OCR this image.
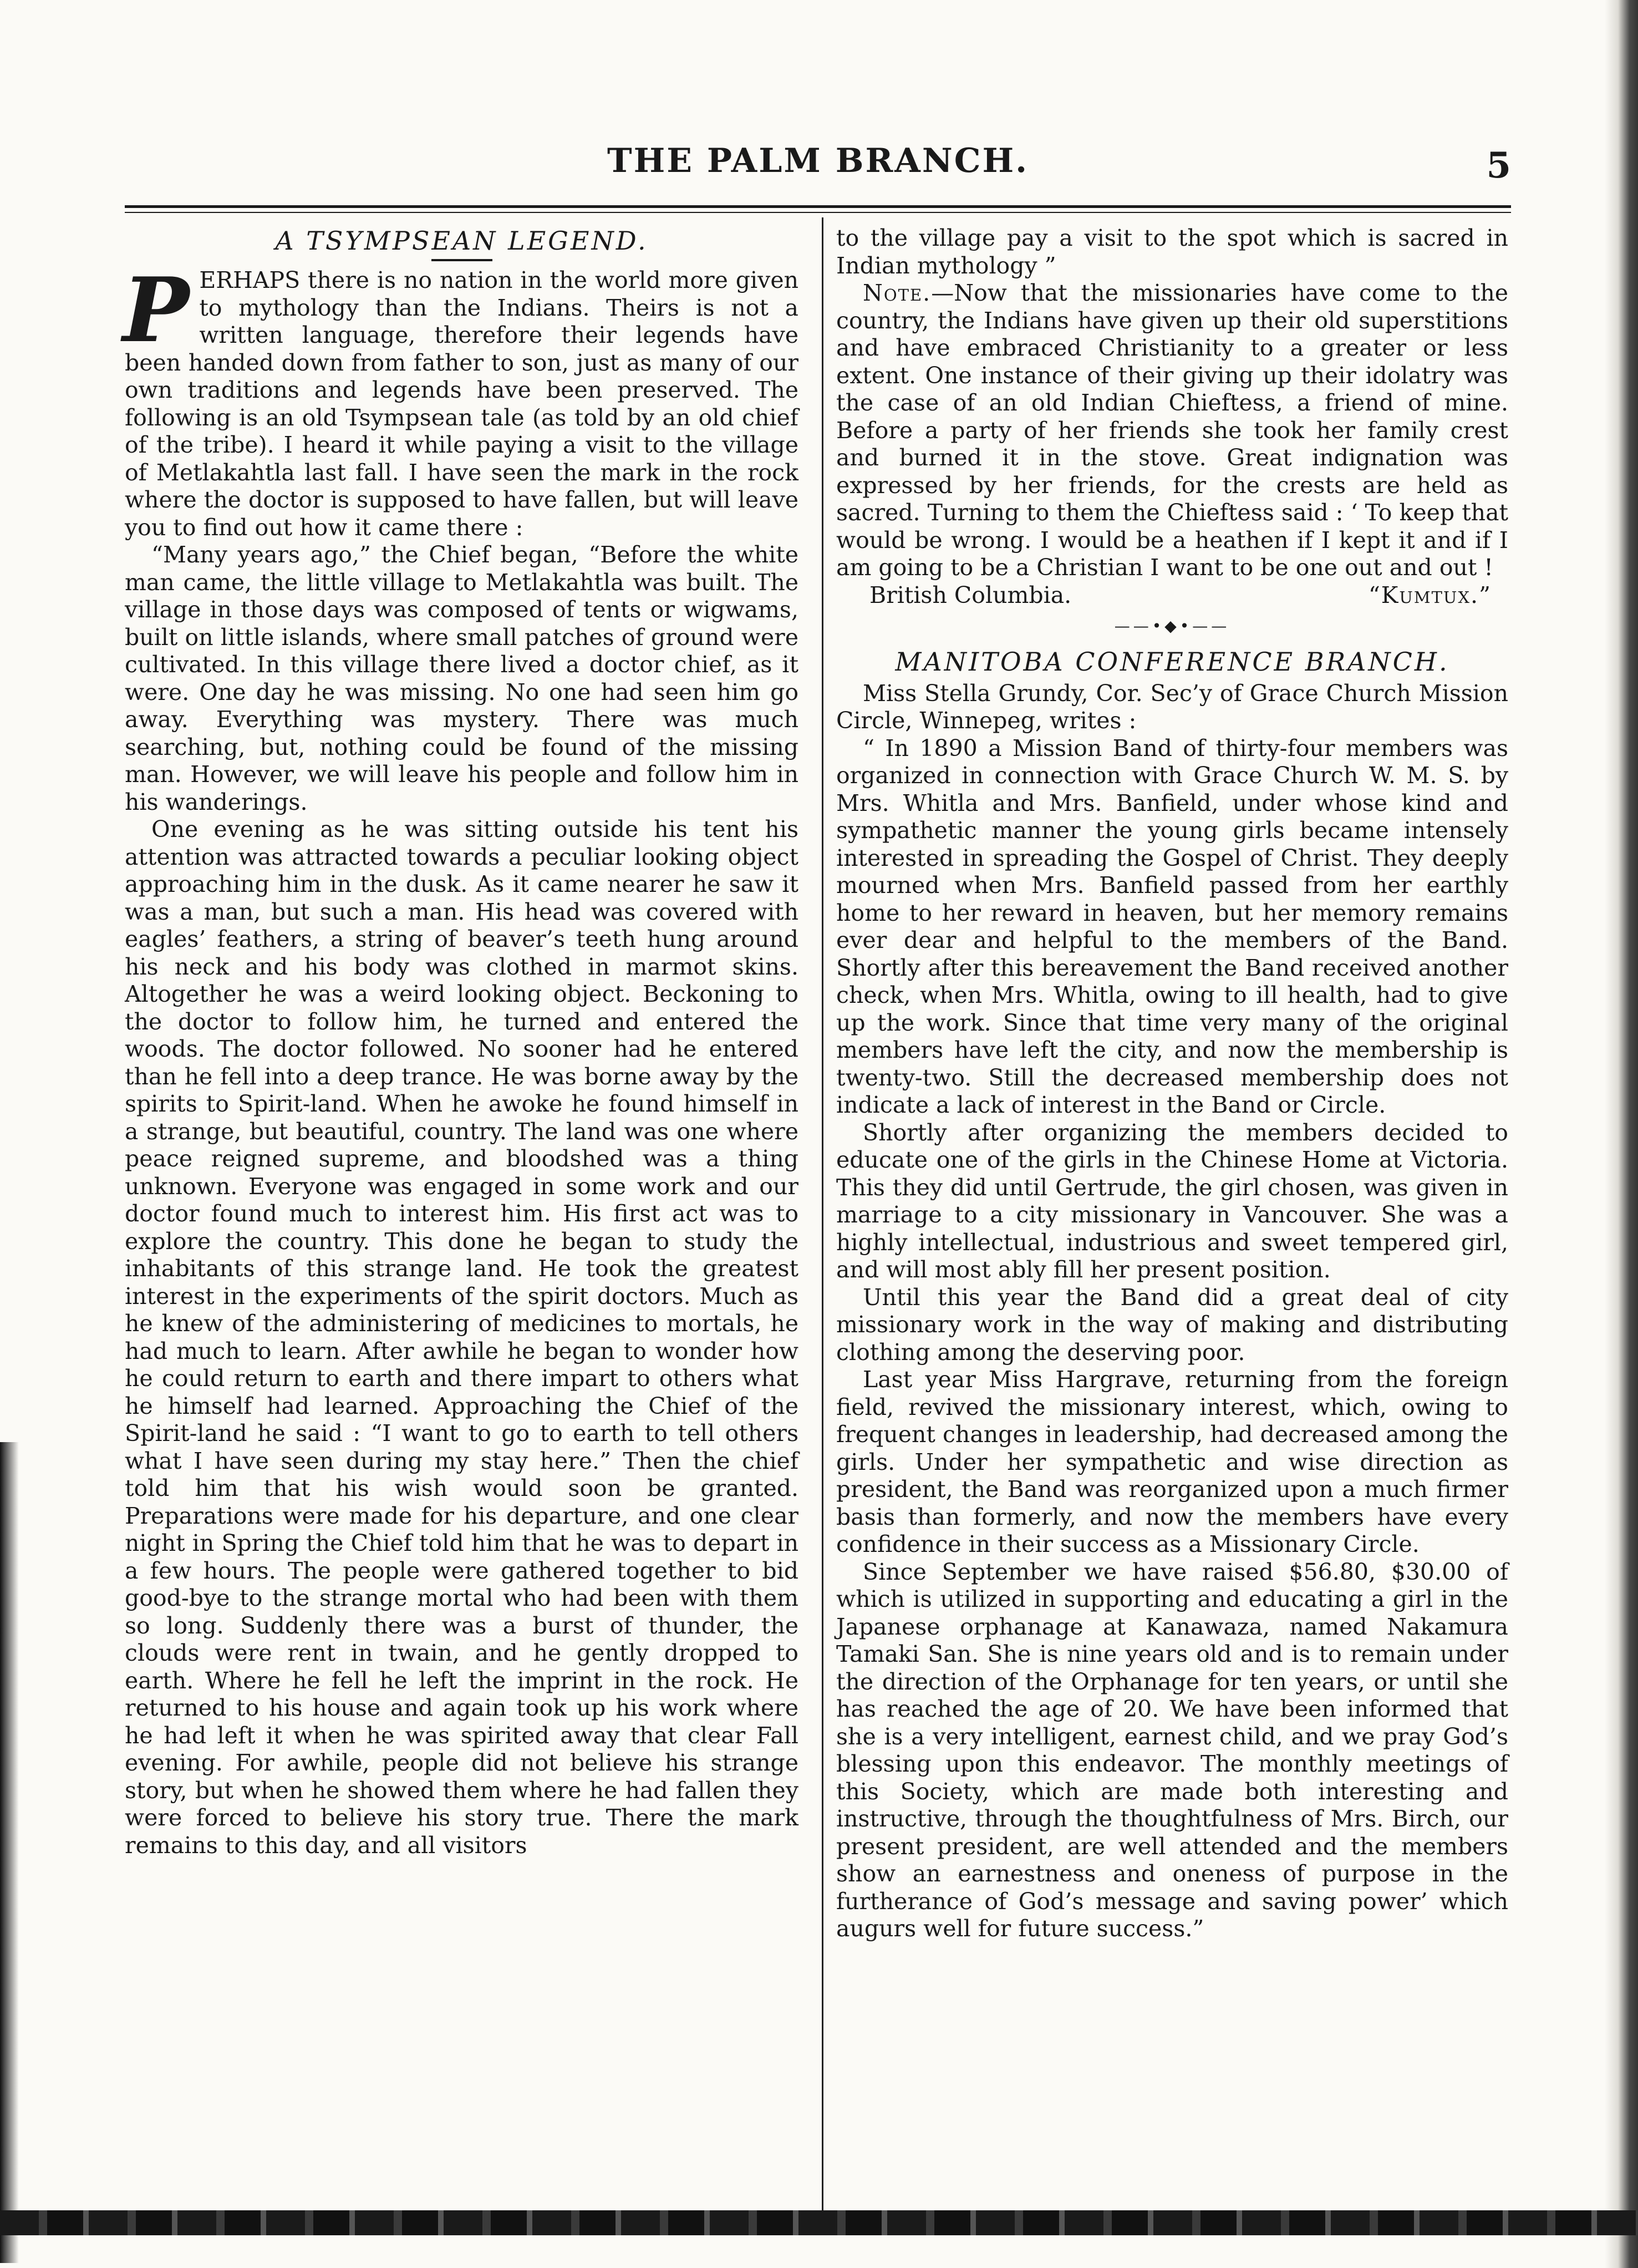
THE PALM BRANCH.	5
A TSYMPSEAN LEGEND.

PERHAPS there is no nation in the world more given to mythology than the Indians. Theirs is not a written language, therefore their legends have been handed down from father to son, just as many of our own traditions and legends have been preserved. The following is an old Tsympsean tale (as told by an old chief of the tribe). I heard it while paying a visit to the village of Metlakahtla last fall. I have seen the mark in the rock where the doctor is supposed to have fallen, but will leave you to find out how it came there :

“Many years ago,” the Chief began, “Before the white man came, the little village to Metlakahtla was built. The village in those days was composed of tents or wigwams, built on little islands, where small patches of ground were cultivated. In this village there lived a doctor chief, as it were. One day he was missing. No one had seen him go away. Everything was mystery. There was much searching, but, nothing could be found of the missing man. However, we will leave his people and follow him in his wanderings.

One evening as he was sitting outside his tent his attention was attracted towards a peculiar looking object approaching him in the dusk. As it came nearer he saw it was a man, but such a man. His head was covered with eagles’ feathers, a string of beaver’s teeth hung around his neck and his body was clothed in marmot skins. Altogether he was a weird looking object. Beckoning to the doctor to follow him, he turned and entered the woods. The doctor followed. No sooner had he entered than he fell into a deep trance. He was borne away by the spirits to Spirit-land. When he awoke he found himself in a strange, but beautiful, country. The land was one where peace reigned supreme, and bloodshed was a thing unknown. Everyone was engaged in some work and our doctor found much to interest him. His first act was to explore the country. This done he began to study the inhabitants of this strange land. He took the greatest interest in the experiments of the spirit doctors. Much as he knew of the administering of medicines to mortals, he had much to learn. After awhile he began to wonder how he could return to earth and there impart to others what he himself had learned. Approaching the Chief of the Spirit-land he said : “I want to go to earth to tell others what I have seen during my stay here.” Then the chief told him that his wish would soon be granted. Preparations were made for his departure, and one clear night in Spring the Chief told him that he was to depart in a few hours. The people were gathered together to bid good-bye to the strange mortal who had been with them so long. Suddenly there was a burst of thunder, the clouds were rent in twain, and he gently dropped to earth. Where he fell he left the imprint in the rock. He returned to his house and again took up his work where he had left it when he was spirited away that clear Fall evening. For awhile, people did not believe his strange story, but when he showed them where he had fallen they were forced to believe his story true. There the mark remains to this day, and all visitors

to the village pay a visit to the spot which is sacred in Indian mythology ”

Note.—Now that the missionaries have come to the country, the Indians have given up their old superstitions and have embraced Christianity to a greater or less extent. One instance of their giving up their idolatry was the case of an old Indian Chieftess, a friend of mine. Before a party of her friends she took her family crest and burned it in the stove. Great indignation was expressed by her friends, for the crests are held as sacred. Turning to them the Chieftess said : ‘ To keep that would be wrong. I would be a heathen if I kept it and if I am going to be a Christian I want to be one out and out !

British Columbia.	“Kumtux.”
——•◆•——
MANITOBA CONFERENCE BRANCH.

Miss Stella Grundy, Cor. Sec’y of Grace Church Mission Circle, Winnepeg, writes :

“ In 1890 a Mission Band of thirty-four members was organized in connection with Grace Church W. M. S. by Mrs. Whitla and Mrs. Banfield, under whose kind and sympathetic manner the young girls became intensely interested in spreading the Gospel of Christ. They deeply mourned when Mrs. Banfield passed from her earthly home to her reward in heaven, but her memory remains ever dear and helpful to the members of the Band. Shortly after this bereavement the Band received another check, when Mrs. Whitla, owing to ill health, had to give up the work. Since that time very many of the original members have left the city, and now the membership is twenty-two. Still the decreased membership does not indicate a lack of interest in the Band or Circle.

Shortly after organizing the members decided to educate one of the girls in the Chinese Home at Victoria. This they did until Gertrude, the girl chosen, was given in marriage to a city missionary in Vancouver. She was a highly intellectual, industrious and sweet tempered girl, and will most ably fill her present position.

Until this year the Band did a great deal of city missionary work in the way of making and distributing clothing among the deserving poor.

Last year Miss Hargrave, returning from the foreign field, revived the missionary interest, which, owing to frequent changes in leadership, had decreased among the girls. Under her sympathetic and wise direction as president, the Band was reorganized upon a much firmer basis than formerly, and now the members have every confidence in their success as a Missionary Circle.

Since September we have raised $56.80, $30.00 of which is utilized in supporting and educating a girl in the Japanese orphanage at Kanawaza, named Nakamura Tamaki San. She is nine years old and is to remain under the direction of the Orphanage for ten years, or until she has reached the age of 20. We have been informed that she is a very intelligent, earnest child, and we pray God’s blessing upon this endeavor. The monthly meetings of this Society, which are made both interesting and instructive, through the thoughtfulness of Mrs. Birch, our present president, are well attended and the members show an earnestness and oneness of purpose in the furtherance of God’s message and saving power’ which augurs well for future success.”
